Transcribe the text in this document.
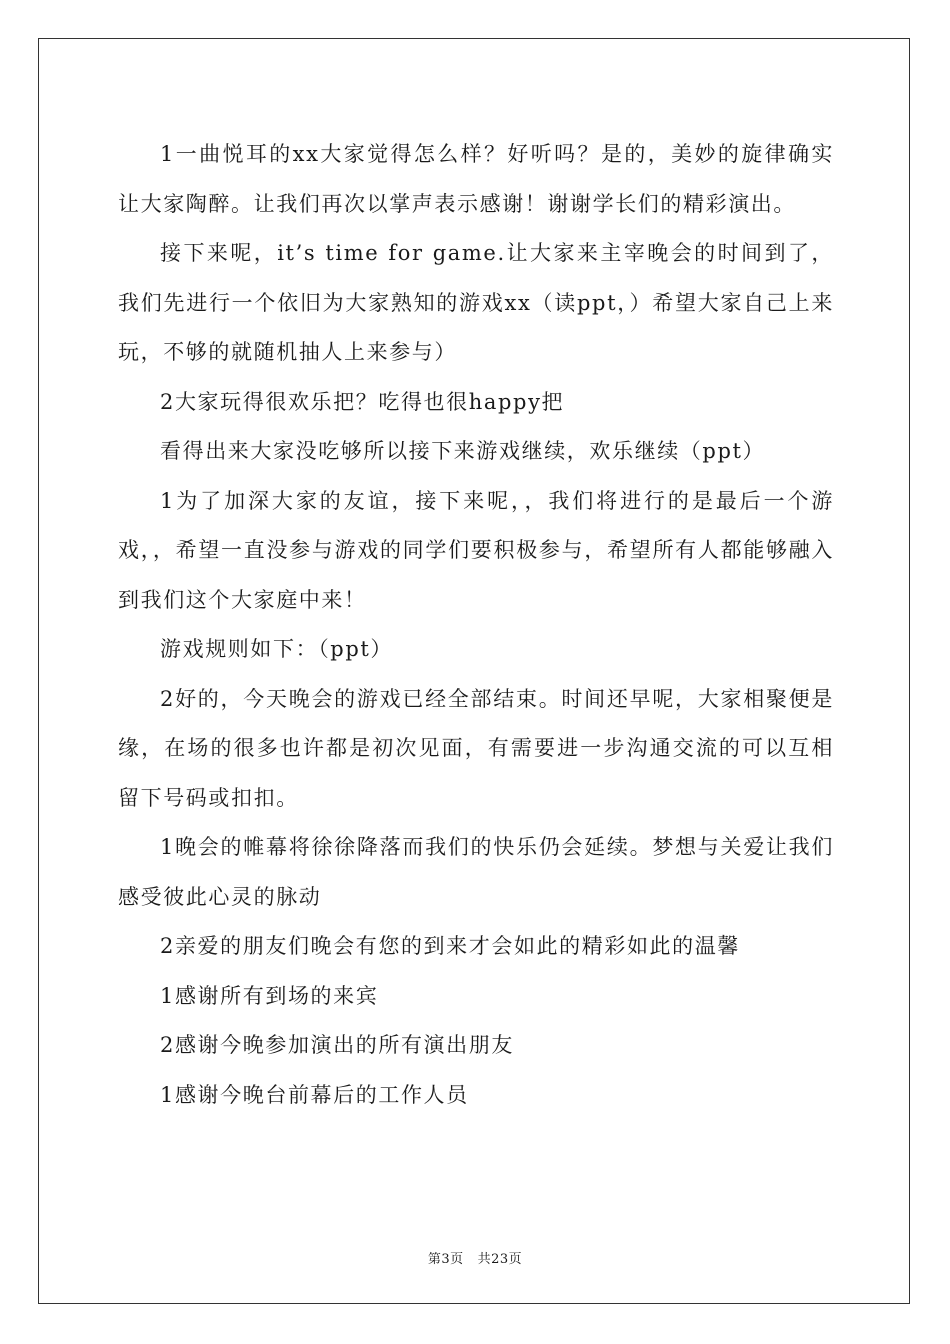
1一曲悦耳的xx大家觉得怎么样？好听吗？是的，美妙的旋律确实让大家陶醉。让我们再次以掌声表示感谢！谢谢学长们的精彩演出。

接下来呢，it’s time for game.让大家来主宰晚会的时间到了，我们先进行一个依旧为大家熟知的游戏xx（读ppt，）希望大家自己上来玩，不够的就随机抽人上来参与）

2大家玩得很欢乐把？吃得也很happy把

看得出来大家没吃够所以接下来游戏继续，欢乐继续（ppt）

1为了加深大家的友谊，接下来呢，，我们将进行的是最后一个游戏，，希望一直没参与游戏的同学们要积极参与，希望所有人都能够融入到我们这个大家庭中来！

游戏规则如下：（ppt）

2好的，今天晚会的游戏已经全部结束。时间还早呢，大家相聚便是缘，在场的很多也许都是初次见面，有需要进一步沟通交流的可以互相留下号码或扣扣。

1晚会的帷幕将徐徐降落而我们的快乐仍会延续。梦想与关爱让我们感受彼此心灵的脉动

2亲爱的朋友们晚会有您的到来才会如此的精彩如此的温馨

1感谢所有到场的来宾

2感谢今晚参加演出的所有演出朋友

1感谢今晚台前幕后的工作人员

第3页 共23页
